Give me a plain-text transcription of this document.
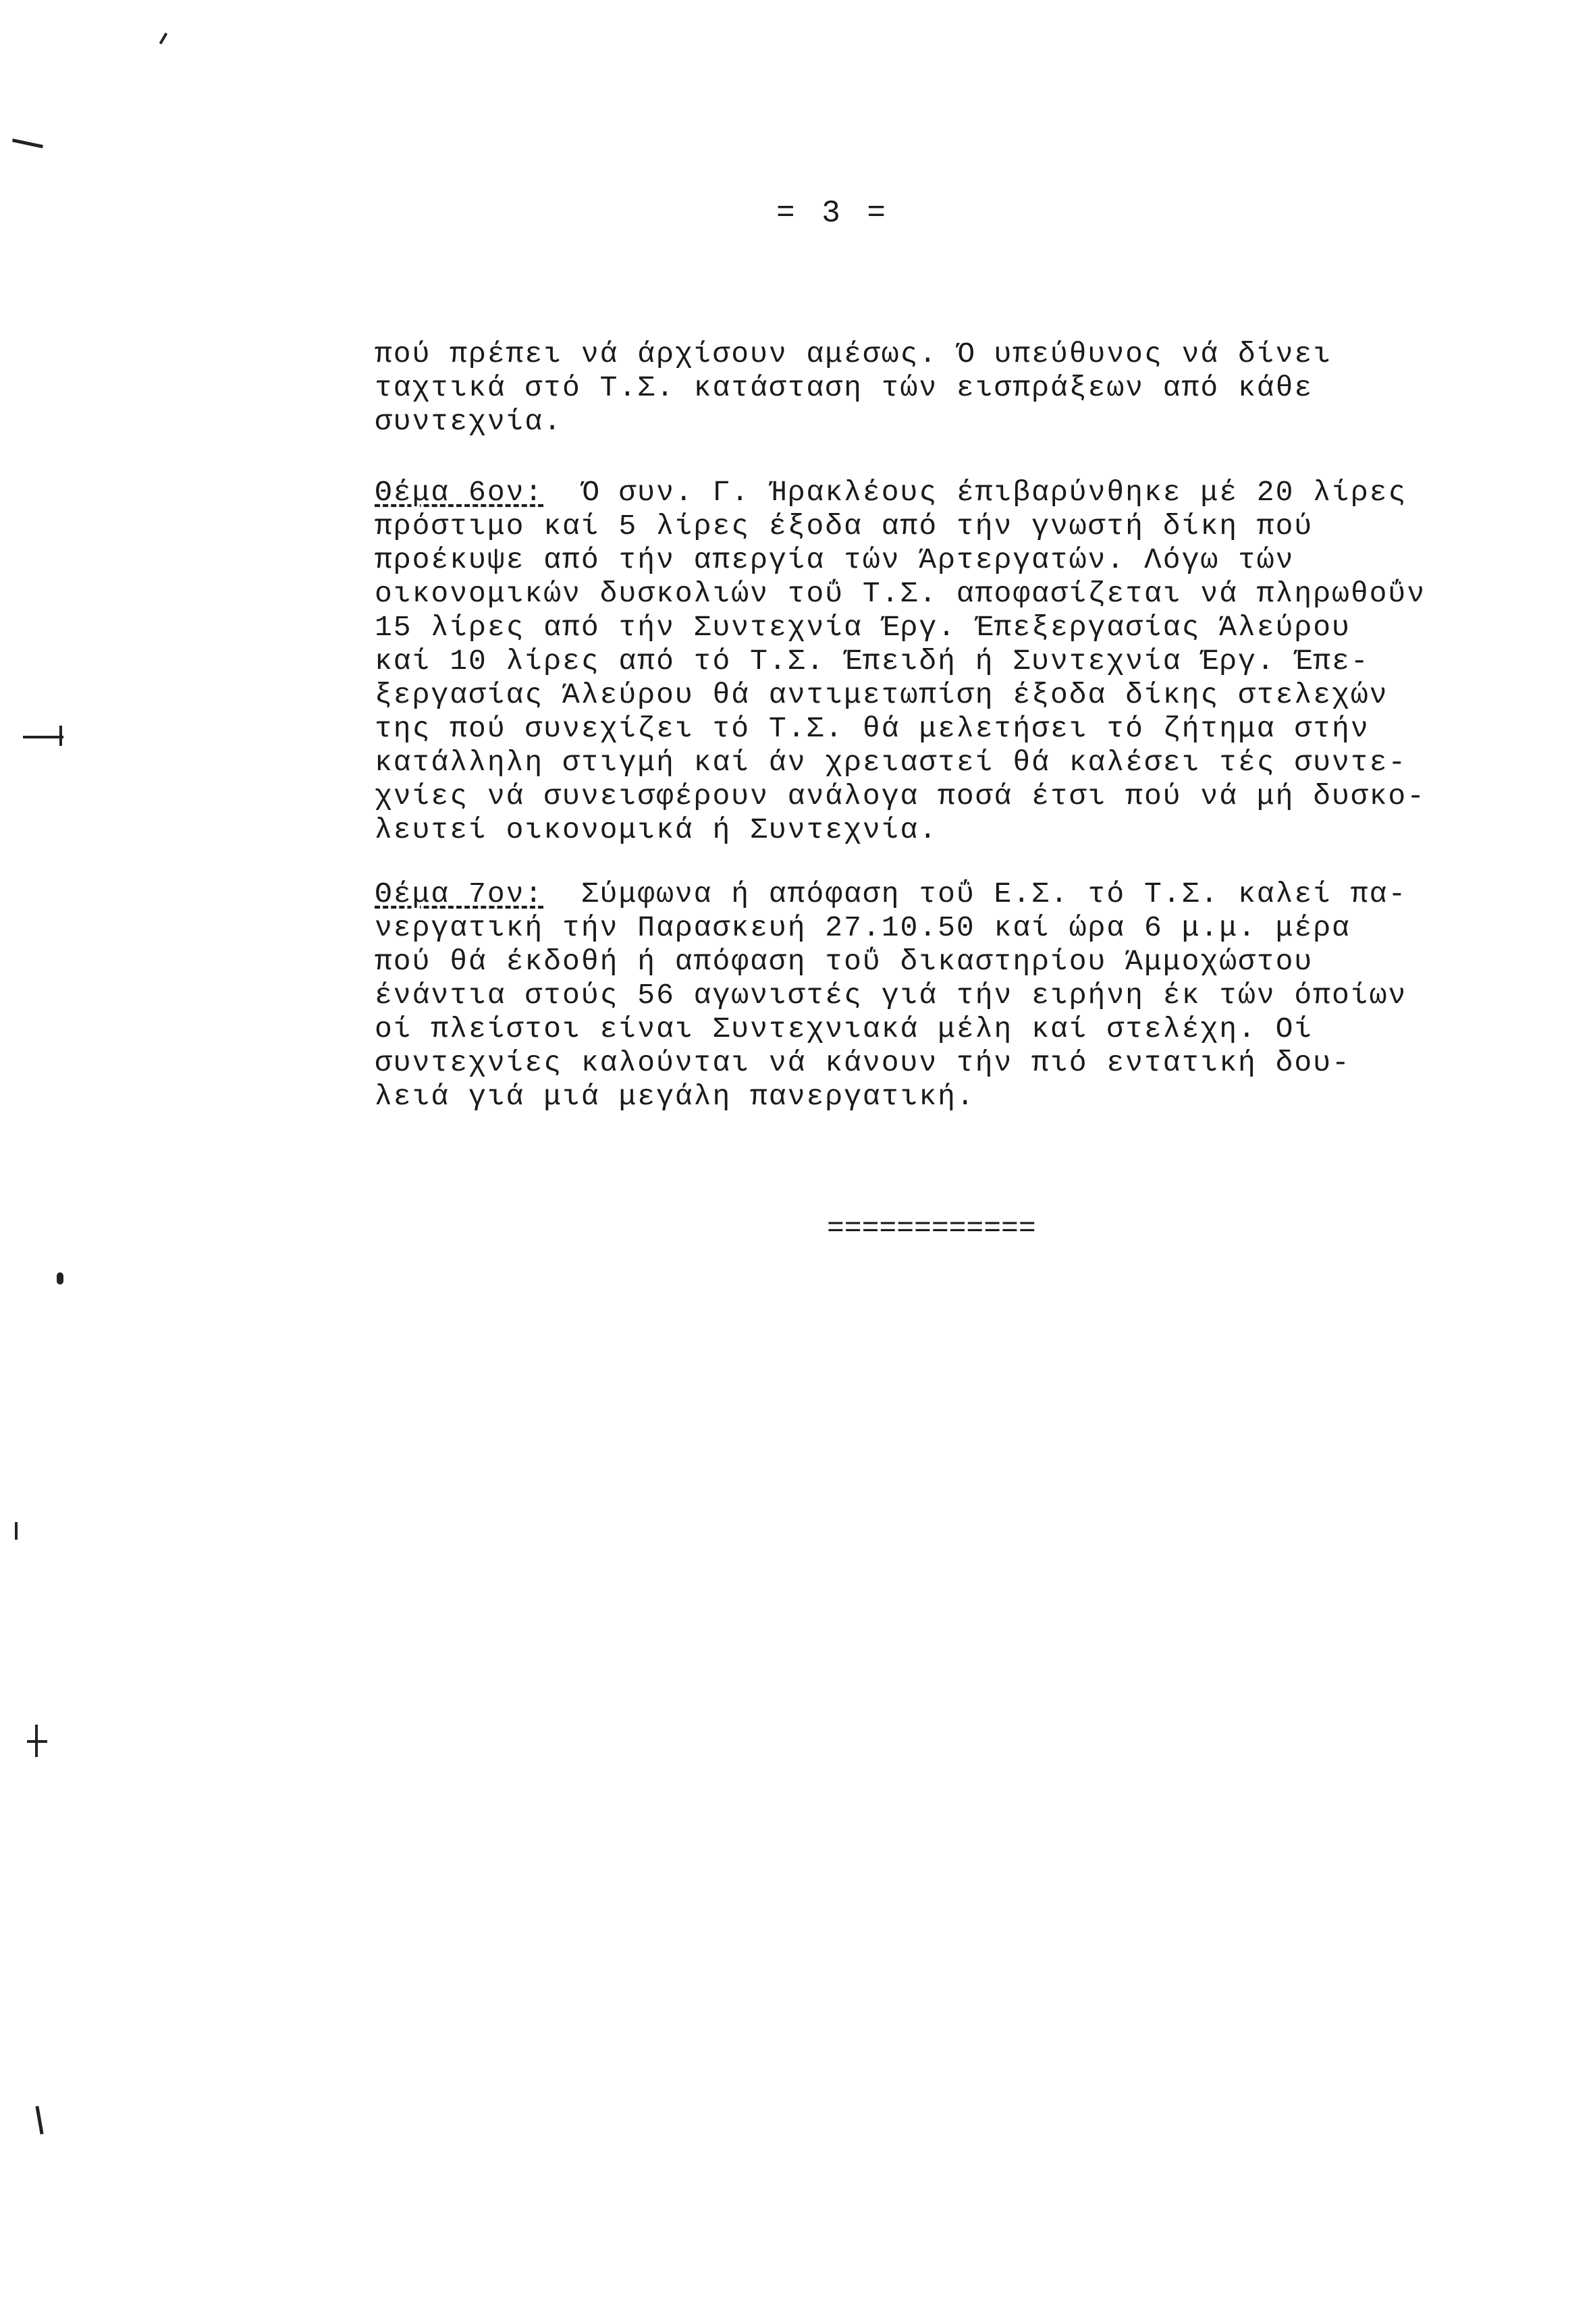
= 3 =
πού πρέπει νά άρχίσουν αμέσως. Ό υπεύθυνος νά δίνει
ταχτικά στό Τ.Σ. κατάσταση τών εισπράξεων από κάθε
συντεχνία.
Θέμα 6ον:  Ό συν. Γ. Ήρακλέους έπιβαρύνθηκε μέ 20 λίρες
πρόστιμο καί 5 λίρες έξοδα από τήν γνωστή δίκη πού
προέκυψε από τήν απεργία τών Άρτεργατών. Λόγω τών
οικονομικών δυσκολιών τοΰ Τ.Σ. αποφασίζεται νά πληρωθοΰν
15 λίρες από τήν Συντεχνία Έργ. Έπεξεργασίας Άλεύρου
καί 10 λίρες από τό Τ.Σ. Έπειδή ή Συντεχνία Έργ. Έπε-
ξεργασίας Άλεύρου θά αντιμετωπίση έξοδα δίκης στελεχών
της πού συνεχίζει τό Τ.Σ. θά μελετήσει τό ζήτημα στήν
κατάλληλη στιγμή καί άν χρειαστεί θά καλέσει τές συντε-
χνίες νά συνεισφέρουν ανάλογα ποσά έτσι πού νά μή δυσκο-
λευτεί οικονομικά ή Συντεχνία.
Θέμα 7ον:  Σύμφωνα ή απόφαση τοΰ Ε.Σ. τό Τ.Σ. καλεί πα-
νεργατική τήν Παρασκευή 27.10.50 καί ώρα 6 μ.μ. μέρα
πού θά έκδοθή ή απόφαση τοΰ δικαστηρίου Άμμοχώστου
ένάντια στούς 56 αγωνιστές γιά τήν ειρήνη έκ τών όποίων
οί πλείστοι είναι Συντεχνιακά μέλη καί στελέχη. Οί
συντεχνίες καλούνται νά κάνουν τήν πιό εντατική δου-
λειά γιά μιά μεγάλη πανεργατική.
============
